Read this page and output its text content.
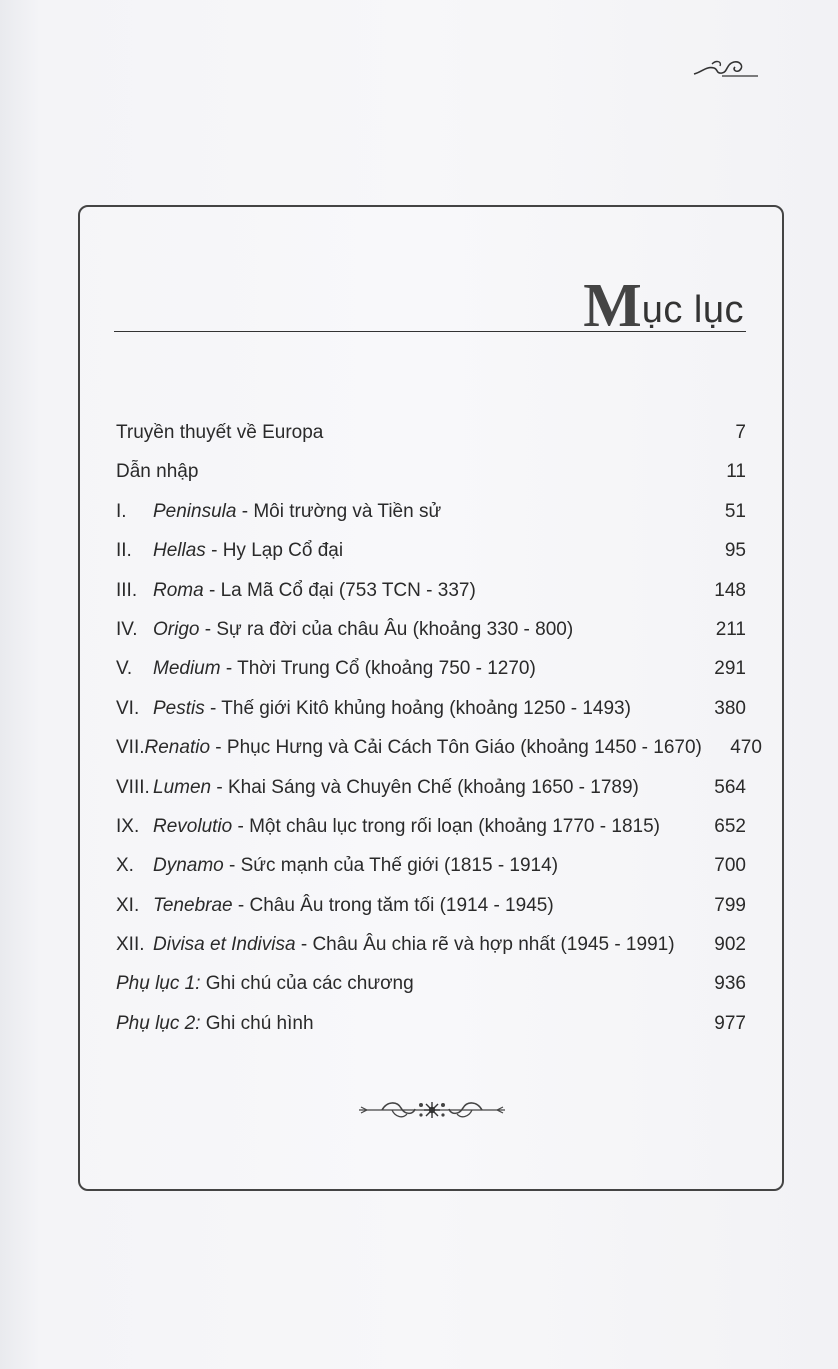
M ục lục
Truyền thuyết về Europa	7
Dẫn nhập	11
I.	Peninsula - Môi trường và Tiền sử	51
II.	Hellas - Hy Lạp Cổ đại	95
III. Roma - La Mã Cổ đại (753 TCN - 337)	148
IV. Origo - Sự ra đời của châu Âu (khoảng 330 - 800)	211
V.	Medium - Thời Trung Cổ (khoảng 750 - 1270)	291
VI. Pestis - Thế giới Kitô khủng hoảng (khoảng 1250 - 1493)	380
VII. Renatio - Phục Hưng và Cải Cách Tôn Giáo (khoảng 1450 - 1670)	470
VIII. Lumen - Khai Sáng và Chuyên Chế (khoảng 1650 - 1789)	564
IX. Revolutio - Một châu lục trong rối loạn (khoảng 1770 - 1815)	652
X.	Dynamo - Sức mạnh của Thế giới (1815 - 1914)	700
XI. Tenebrae - Châu Âu trong tăm tối (1914 - 1945)	799
XII. Divisa et Indivisa - Châu Âu chia rẽ và hợp nhất (1945 - 1991)	902
Phụ lục 1: Ghi chú của các chương	936
Phụ lục 2: Ghi chú hình	977
